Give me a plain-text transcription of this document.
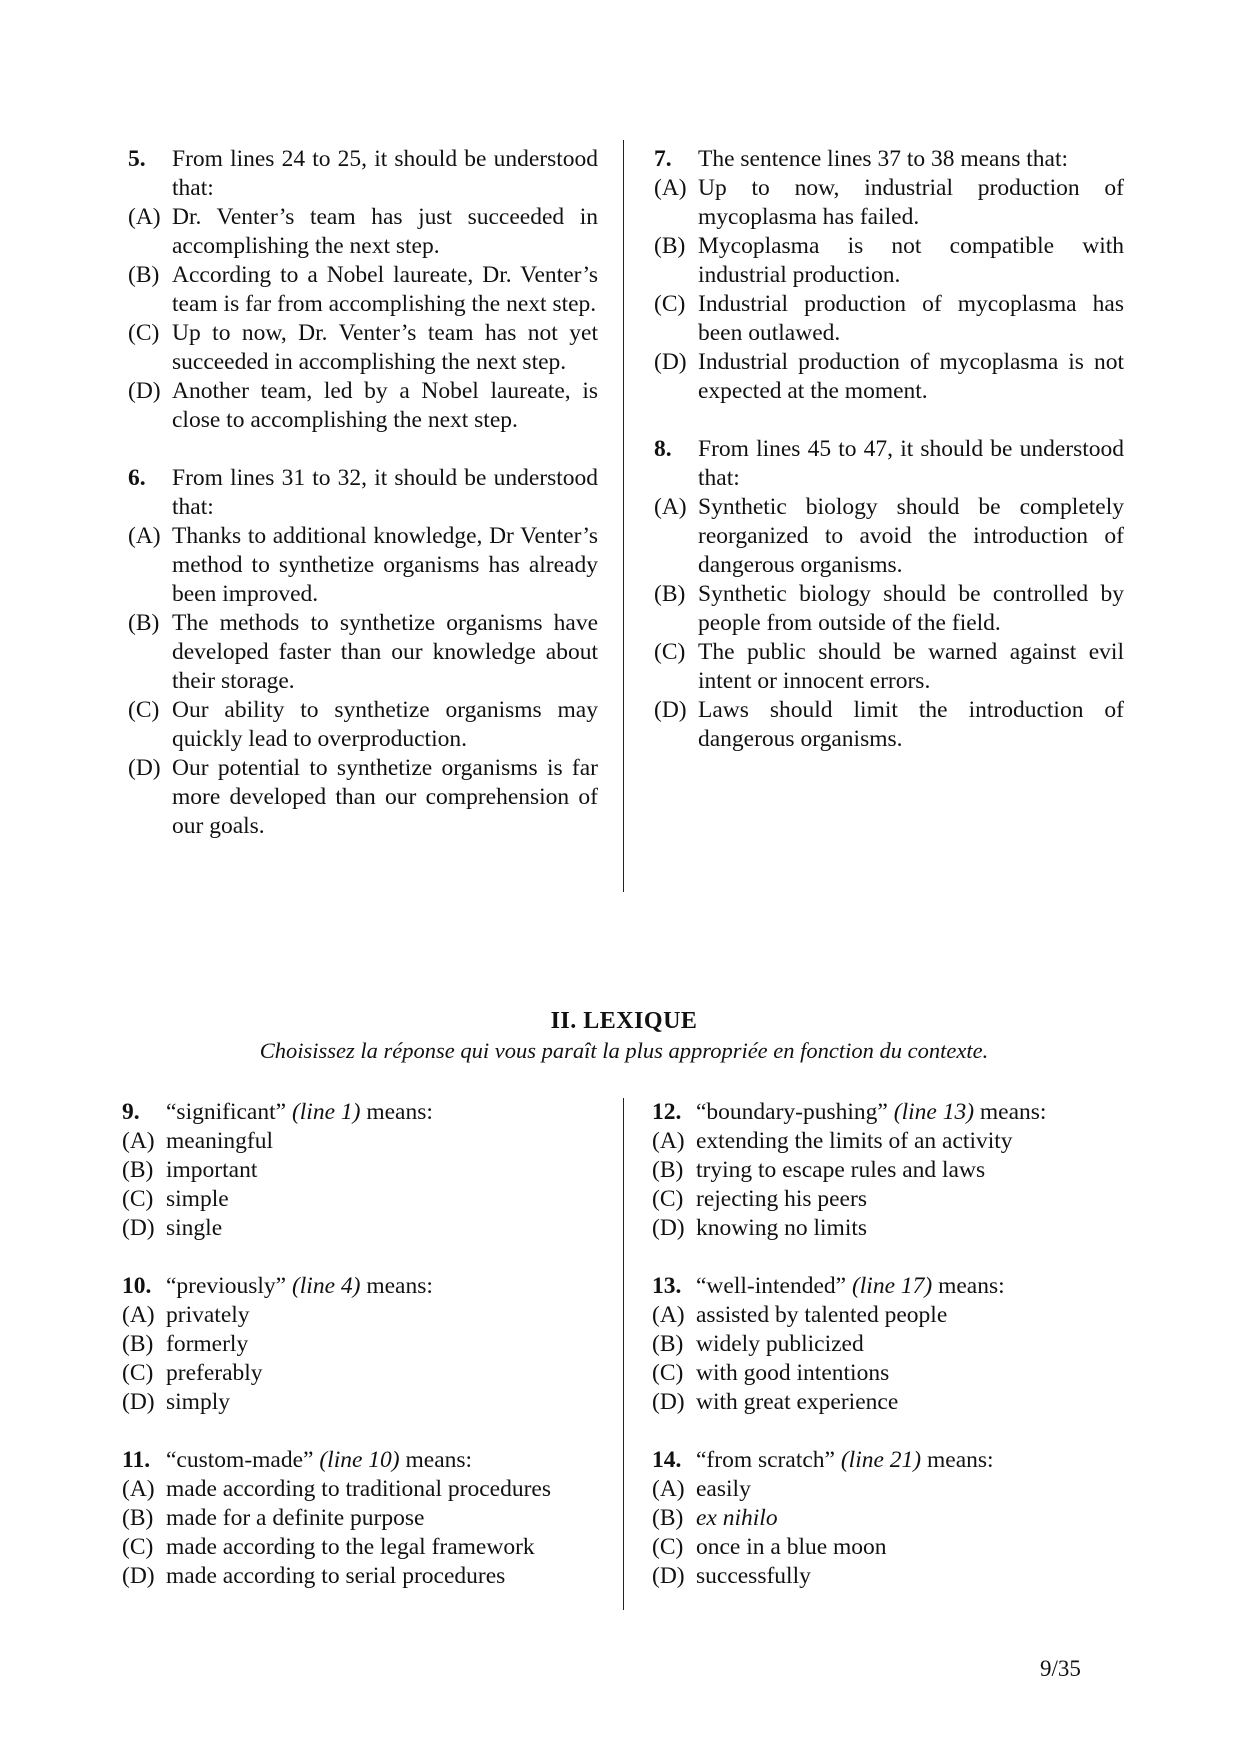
5.	From lines 24 to 25, it should be understood that:
(A) Dr. Venter’s team has just succeeded in accomplishing the next step.
(B) According to a Nobel laureate, Dr. Venter’s team is far from accomplishing the next step.
(C) Up to now, Dr. Venter’s team has not yet succeeded in accomplishing the next step.
(D) Another team, led by a Nobel laureate, is close to accomplishing the next step.
6.	From lines 31 to 32, it should be understood that:
(A) Thanks to additional knowledge, Dr Venter’s method to synthetize organisms has already been improved.
(B) The methods to synthetize organisms have developed faster than our knowledge about their storage.
(C) Our ability to synthetize organisms may quickly lead to overproduction.
(D) Our potential to synthetize organisms is far more developed than our comprehension of our goals.
7.	The sentence lines 37 to 38 means that:
(A) Up to now, industrial production of mycoplasma has failed.
(B) Mycoplasma is not compatible with industrial production.
(C) Industrial production of mycoplasma has been outlawed.
(D) Industrial production of mycoplasma is not expected at the moment.
8.	From lines 45 to 47, it should be understood that:
(A) Synthetic biology should be completely reorganized to avoid the introduction of dangerous organisms.
(B) Synthetic biology should be controlled by people from outside of the field.
(C) The public should be warned against evil intent or innocent errors.
(D) Laws should limit the introduction of dangerous organisms.
II. LEXIQUE
Choisissez la réponse qui vous paraît la plus appropriée en fonction du contexte.
9.	“significant” (line 1) means:
(A) meaningful
(B) important
(C) simple
(D) single
10. “previously” (line 4) means:
(A) privately
(B) formerly
(C) preferably
(D) simply
11. “custom-made” (line 10) means:
(A) made according to traditional procedures
(B) made for a definite purpose
(C) made according to the legal framework
(D) made according to serial procedures
12. “boundary-pushing” (line 13) means:
(A) extending the limits of an activity
(B) trying to escape rules and laws
(C) rejecting his peers
(D) knowing no limits
13. “well-intended” (line 17) means:
(A) assisted by talented people
(B) widely publicized
(C) with good intentions
(D) with great experience
14. “from scratch” (line 21) means:
(A) easily
(B) ex nihilo
(C) once in a blue moon
(D) successfully
9/35
